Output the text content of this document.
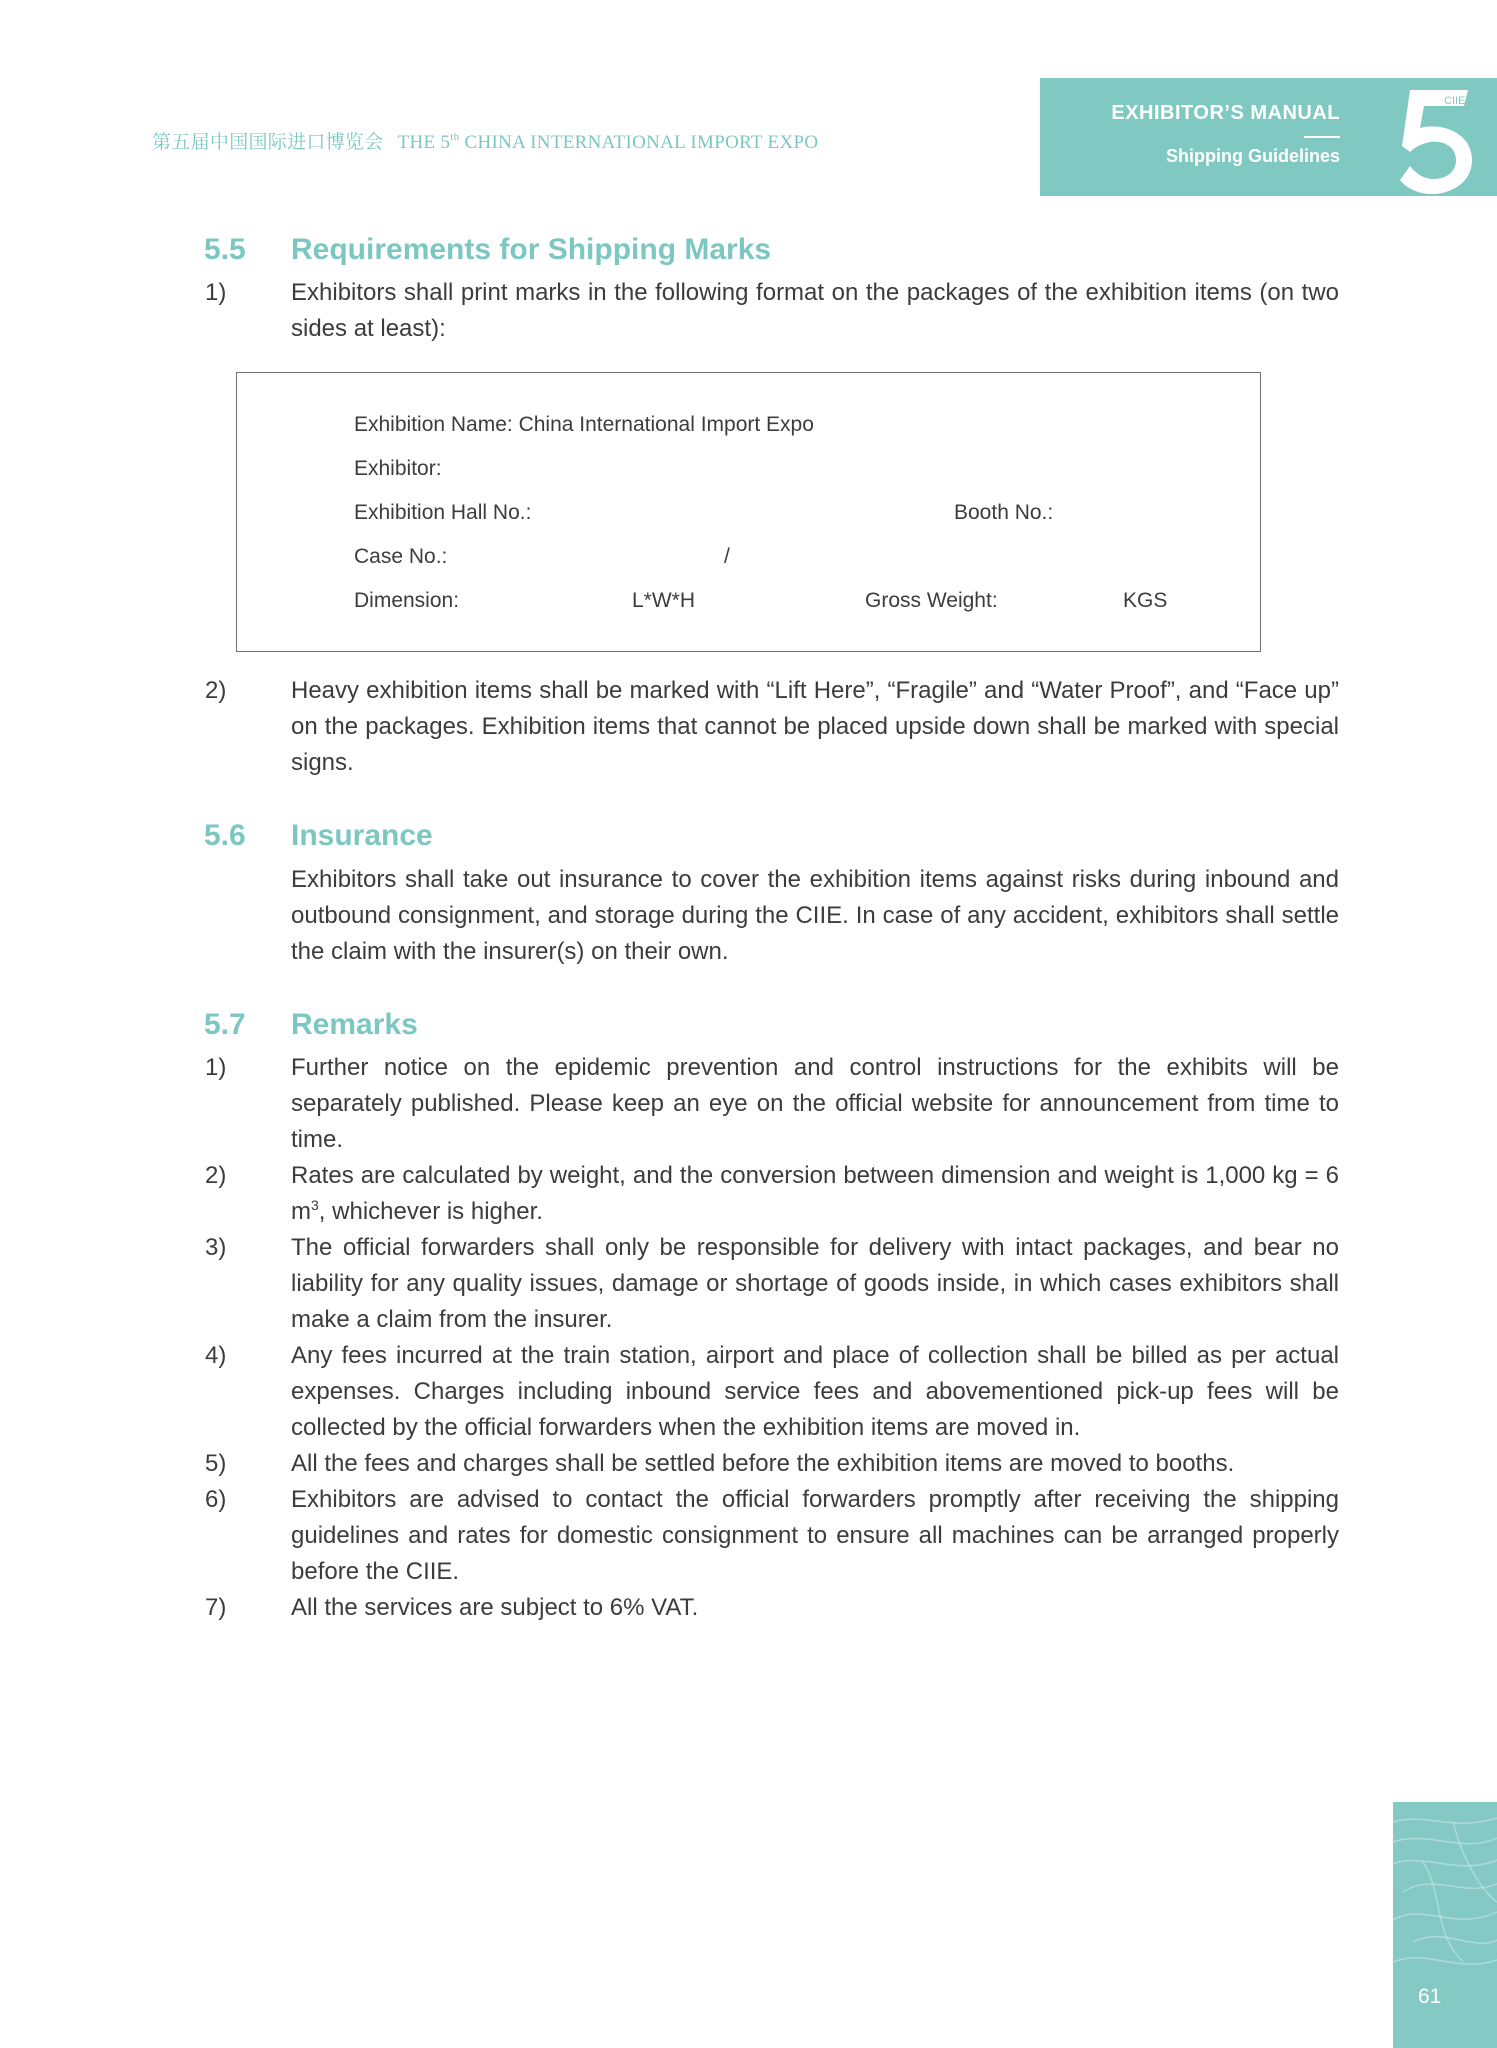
第五届中国国际进口博览会 THE 5th CHINA INTERNATIONAL IMPORT EXPO
EXHIBITOR’S MANUAL
Shipping Guidelines
CIIE
5.5 Requirements for Shipping Marks
1)	Exhibitors shall print marks in the following format on the packages of the exhibition items (on two sides at least):
Exhibition Name: China International Import Expo
Exhibitor:
Exhibition Hall No.:	Booth No.:
Case No.:	/
Dimension:	L*W*H	Gross Weight:	KGS
2)	Heavy exhibition items shall be marked with “Lift Here”, “Fragile” and “Water Proof”, and “Face up” on the packages. Exhibition items that cannot be placed upside down shall be marked with special signs.
5.6 Insurance
Exhibitors shall take out insurance to cover the exhibition items against risks during inbound and outbound consignment, and storage during the CIIE. In case of any accident, exhibitors shall settle the claim with the insurer(s) on their own.
5.7 Remarks
1)	Further notice on the epidemic prevention and control instructions for the exhibits will be separately published. Please keep an eye on the official website for announcement from time to time.
2)	Rates are calculated by weight, and the conversion between dimension and weight is 1,000 kg = 6 $m^3$, whichever is higher.
3)	The official forwarders shall only be responsible for delivery with intact packages, and bear no liability for any quality issues, damage or shortage of goods inside, in which cases exhibitors shall make a claim from the insurer.
4)	Any fees incurred at the train station, airport and place of collection shall be billed as per actual expenses. Charges including inbound service fees and abovementioned pick-up fees will be collected by the official forwarders when the exhibition items are moved in.
5)	All the fees and charges shall be settled before the exhibition items are moved to booths.
6)	Exhibitors are advised to contact the official forwarders promptly after receiving the shipping guidelines and rates for domestic consignment to ensure all machines can be arranged properly before the CIIE.
7)	All the services are subject to 6% VAT.
61
